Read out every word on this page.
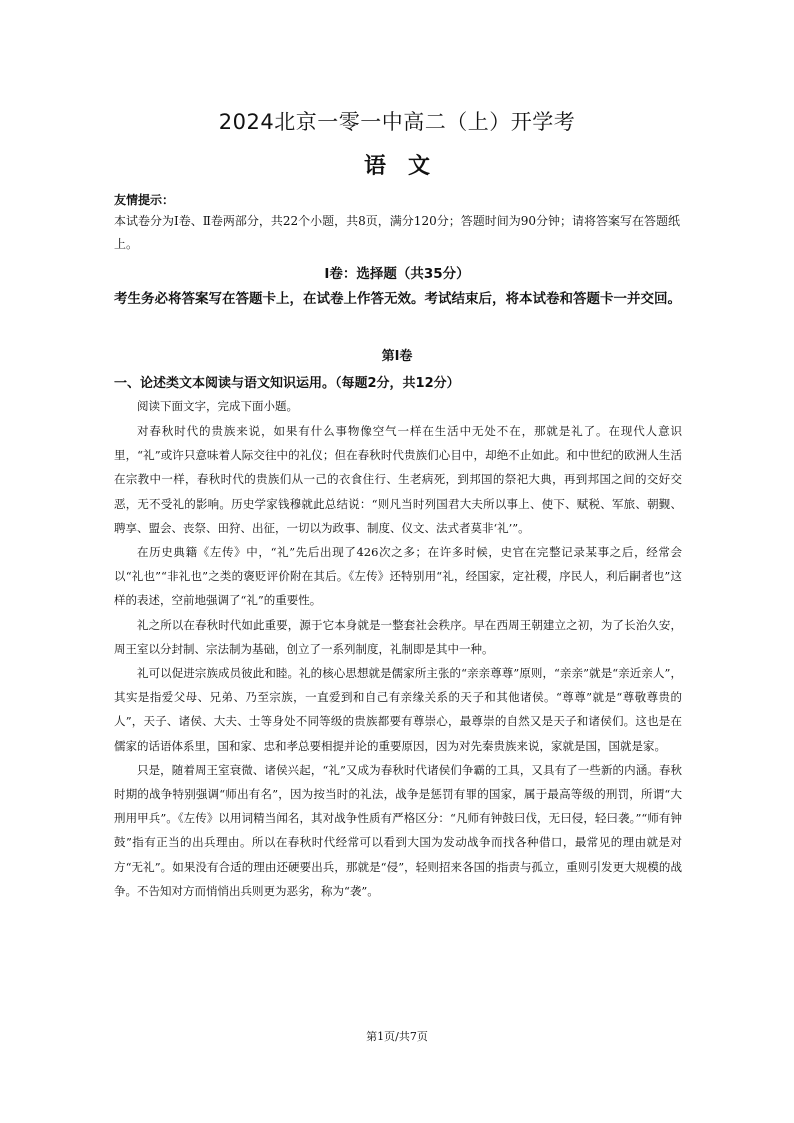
2024北京一零一中高二（上）开学考
语　文
友情提示：
本试卷分为Ⅰ卷、Ⅱ卷两部分，共22个小题，共8页，满分120分；答题时间为90分钟；请将答案写在答题纸上。
Ⅰ卷：选择题（共35分）
考生务必将答案写在答题卡上，在试卷上作答无效。考试结束后，将本试卷和答题卡一并交回。
第Ⅰ卷
一、论述类文本阅读与语文知识运用。（每题2分，共12分）
阅读下面文字，完成下面小题。

对春秋时代的贵族来说，如果有什么事物像空气一样在生活中无处不在，那就是礼了。在现代人意识里，“礼”或许只意味着人际交往中的礼仪；但在春秋时代贵族们心目中，却绝不止如此。和中世纪的欧洲人生活在宗教中一样，春秋时代的贵族们从一己的衣食住行、生老病死，到邦国的祭祀大典，再到邦国之间的交好交恶，无不受礼的影响。历史学家钱穆就此总结说：“则凡当时列国君大夫所以事上、使下、赋税、军旅、朝觐、聘享、盟会、丧祭、田狩、出征，一切以为政事、制度、仪文、法式者莫非‘礼’”。

在历史典籍《左传》中，“礼”先后出现了426次之多；在许多时候，史官在完整记录某事之后，经常会以“礼也”“非礼也”之类的褒贬评价附在其后。《左传》还特别用“礼，经国家，定社稷，序民人，利后嗣者也”这样的表述，空前地强调了“礼”的重要性。

礼之所以在春秋时代如此重要，源于它本身就是一整套社会秩序。早在西周王朝建立之初，为了长治久安，周王室以分封制、宗法制为基础，创立了一系列制度，礼制即是其中一种。

礼可以促进宗族成员彼此和睦。礼的核心思想就是儒家所主张的“亲亲尊尊”原则，“亲亲”就是“亲近亲人”，其实是指爱父母、兄弟、乃至宗族，一直爱到和自己有亲缘关系的天子和其他诸侯。“尊尊”就是“尊敬尊贵的人”，天子、诸侯、大夫、士等身处不同等级的贵族都要有尊崇心，最尊崇的自然又是天子和诸侯们。这也是在儒家的话语体系里，国和家、忠和孝总要相提并论的重要原因，因为对先秦贵族来说，家就是国，国就是家。

只是，随着周王室衰微、诸侯兴起，“礼”又成为春秋时代诸侯们争霸的工具，又具有了一些新的内涵。春秋时期的战争特别强调“师出有名”，因为按当时的礼法，战争是惩罚有罪的国家，属于最高等级的刑罚，所谓“大刑用甲兵”。《左传》以用词精当闻名，其对战争性质有严格区分：“凡师有钟鼓曰伐，无曰侵，轻曰袭。”“师有钟鼓”指有正当的出兵理由。所以在春秋时代经常可以看到大国为发动战争而找各种借口，最常见的理由就是对方“无礼”。如果没有合适的理由还硬要出兵，那就是“侵”，轻则招来各国的指责与孤立，重则引发更大规模的战争。不告知对方而悄悄出兵则更为恶劣，称为“袭”。

第1页/共7页
